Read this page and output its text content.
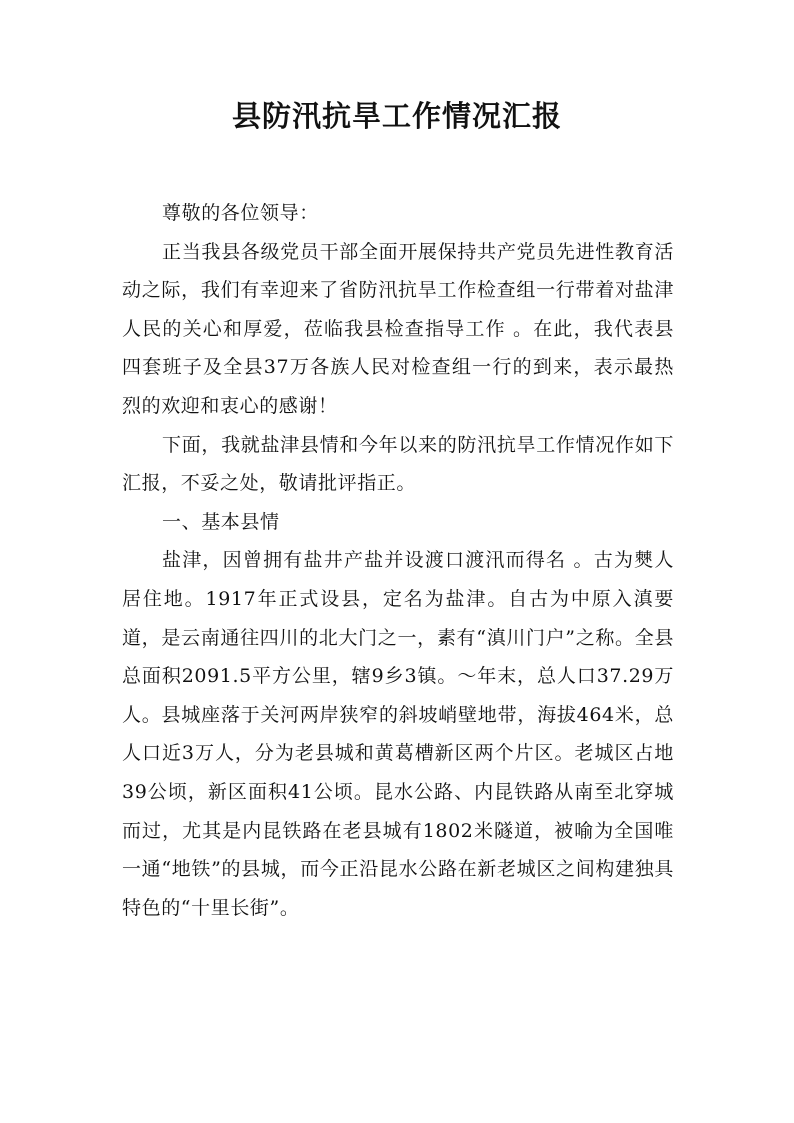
县防汛抗旱工作情况汇报

尊敬的各位领导：

正当我县各级党员干部全面开展保持共产党员先进性教育活动之际，我们有幸迎来了省防汛抗旱工作检查组一行带着对盐津人民的关心和厚爱，莅临我县检查指导工作 。在此，我代表县四套班子及全县37万各族人民对检查组一行的到来，表示最热烈的欢迎和衷心的感谢！

下面，我就盐津县情和今年以来的防汛抗旱工作情况作如下汇报，不妥之处，敬请批评指正。

一、基本县情

盐津，因曾拥有盐井产盐并设渡口渡汛而得名 。古为僰人居住地。1917年正式设县，定名为盐津。自古为中原入滇要道，是云南通往四川的北大门之一，素有“滇川门户”之称。全县总面积2091.5平方公里，辖9乡3镇。～年末，总人口37.29万人。县城座落于关河两岸狭窄的斜坡峭壁地带，海拔464米，总人口近3万人，分为老县城和黄葛槽新区两个片区。老城区占地39公顷，新区面积41公顷。昆水公路、内昆铁路从南至北穿城而过，尤其是内昆铁路在老县城有1802米隧道，被喻为全国唯一通“地铁”的县城，而今正沿昆水公路在新老城区之间构建独具特色的“十里长街”。
